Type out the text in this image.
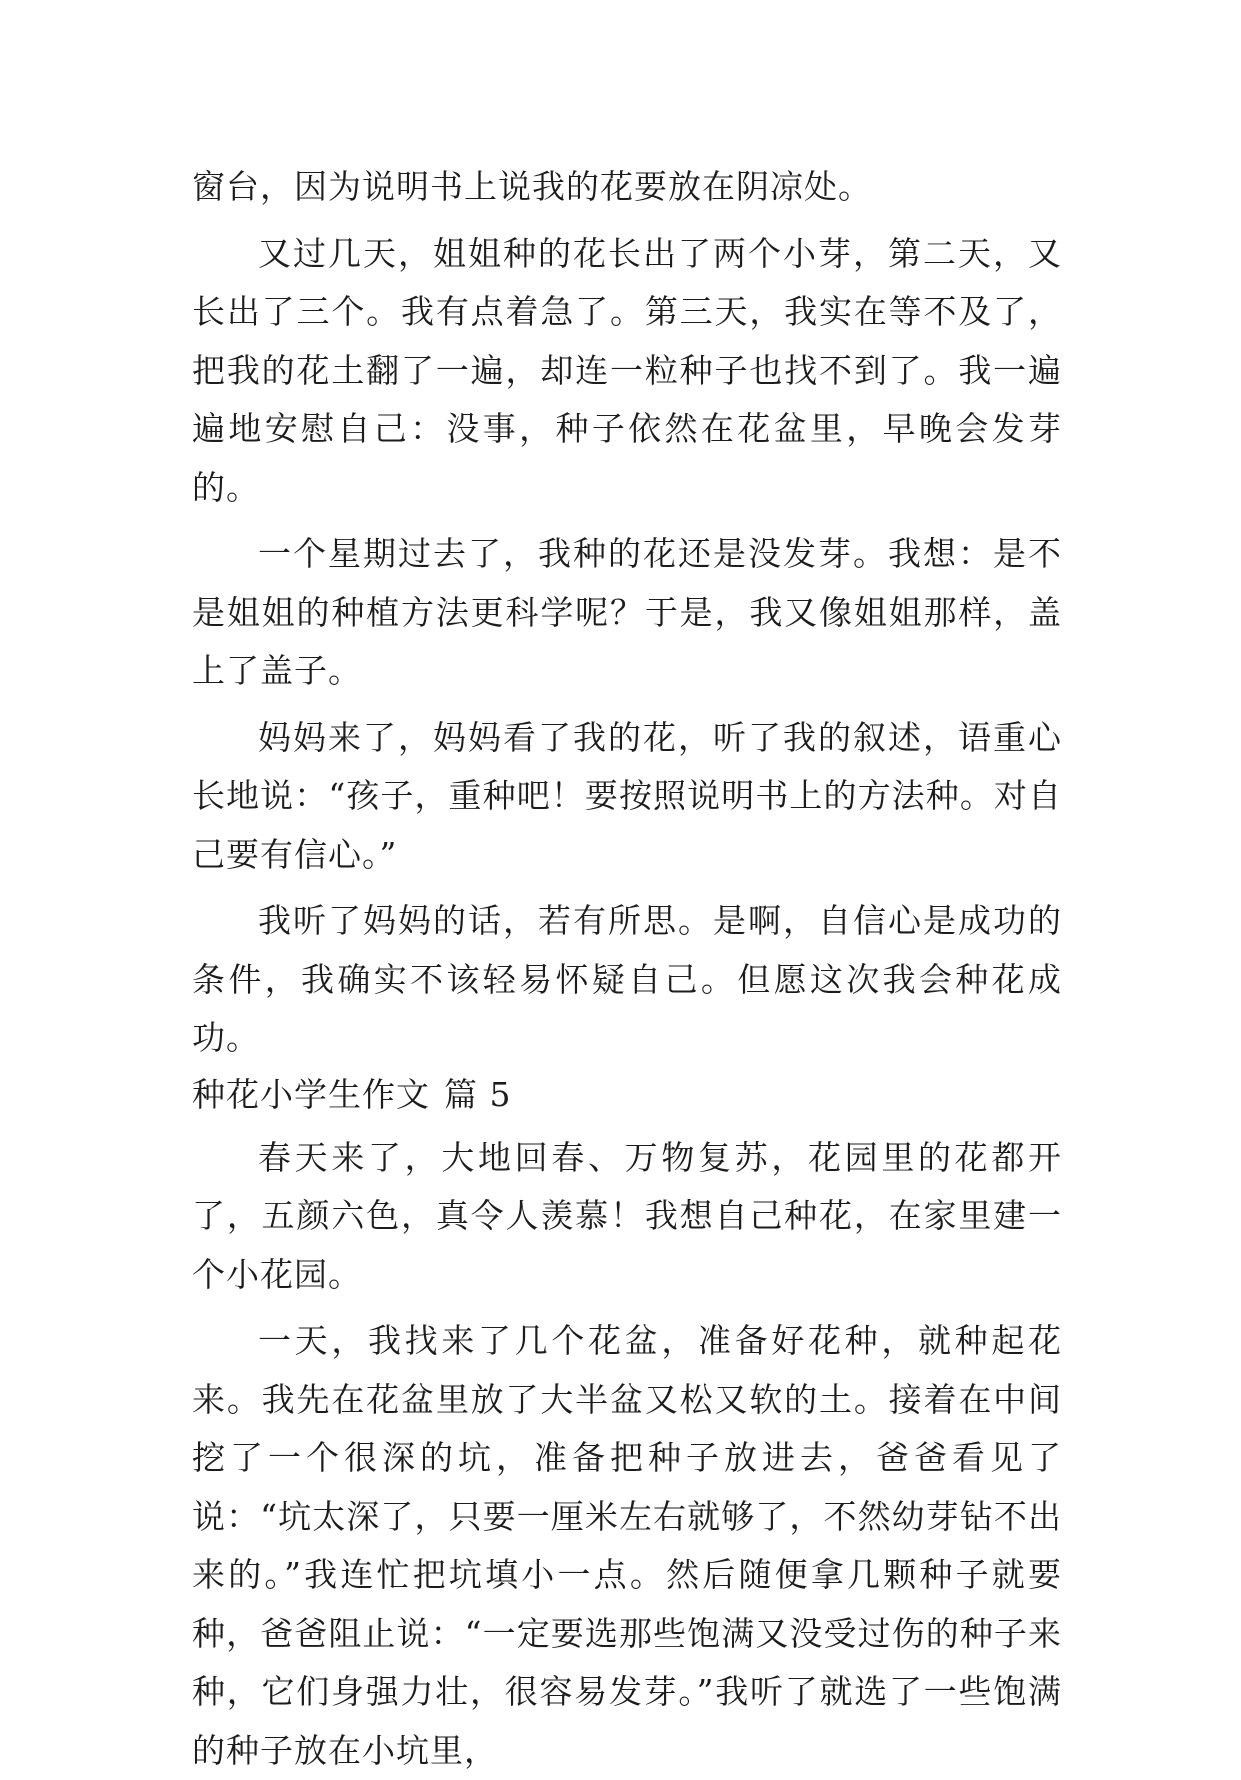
窗台，因为说明书上说我的花要放在阴凉处。

又过几天，姐姐种的花长出了两个小芽，第二天，又长出了三个。我有点着急了。第三天，我实在等不及了，把我的花土翻了一遍，却连一粒种子也找不到了。我一遍遍地安慰自己：没事，种子依然在花盆里，早晚会发芽的。

一个星期过去了，我种的花还是没发芽。我想：是不是姐姐的种植方法更科学呢？于是，我又像姐姐那样，盖上了盖子。

妈妈来了，妈妈看了我的花，听了我的叙述，语重心长地说：“孩子，重种吧！要按照说明书上的方法种。对自己要有信心。”

我听了妈妈的话，若有所思。是啊，自信心是成功的条件，我确实不该轻易怀疑自己。但愿这次我会种花成功。

种花小学生作文 篇 5

春天来了，大地回春、万物复苏，花园里的花都开了，五颜六色，真令人羡慕！我想自己种花，在家里建一个小花园。

一天，我找来了几个花盆，准备好花种，就种起花来。我先在花盆里放了大半盆又松又软的土。接着在中间挖了一个很深的坑，准备把种子放进去，爸爸看见了说：“坑太深了，只要一厘米左右就够了，不然幼芽钻不出来的。”我连忙把坑填小一点。然后随便拿几颗种子就要种，爸爸阻止说：“一定要选那些饱满又没受过伤的种子来种，它们身强力壮，很容易发芽。”我听了就选了一些饱满的种子放在小坑里，
